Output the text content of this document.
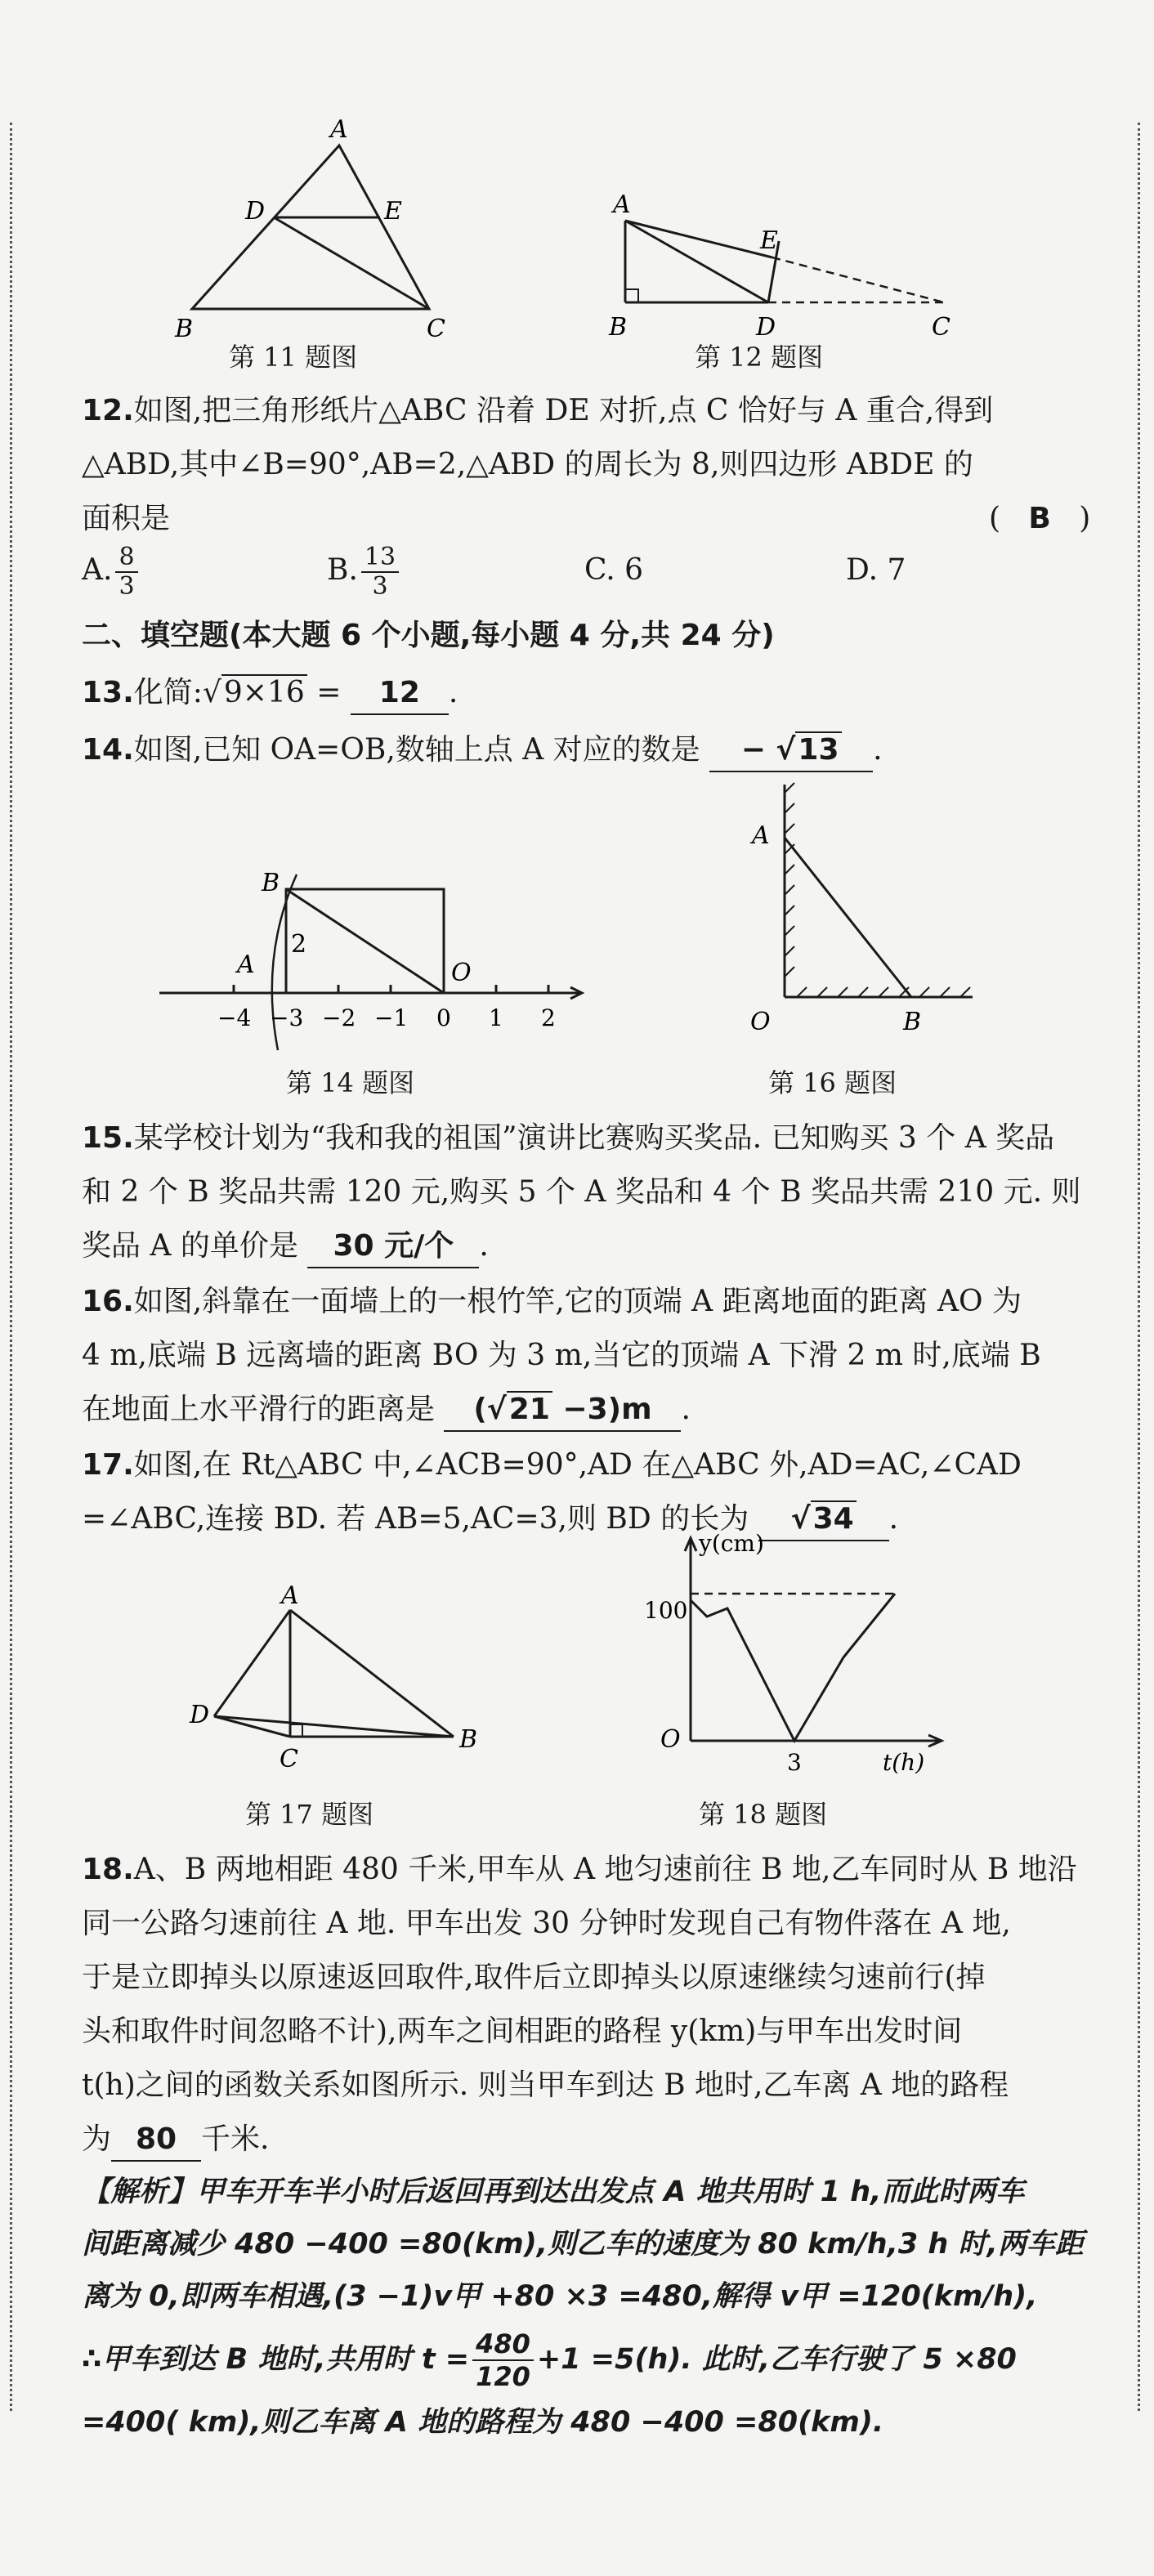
A
D	E
B	C
第 11 题图
A
E
B	D	C
第 12 题图
12.如图,把三角形纸片△ABC 沿着 DE 对折,点 C 恰好与 A 重合,得到
△ABD,其中∠B=90°,AB=2,△ABD 的周长为 8,则四边形 ABDE 的
面积是	( B )
A. $\frac{8}{3}$	B. $\frac{13}{3}$	C. 6	D. 7
二、填空题(本大题 6 个小题,每小题 4 分,共 24 分)
13.化简:√9×16 = 12 .
14.如图,已知 OA=OB,数轴上点 A 对应的数是 − √13 .
B
A	O
2
−4 −3 −2 −1 0 1 2
第 14 题图
A
O	B
第 16 题图
15.某学校计划为“我和我的祖国”演讲比赛购买奖品. 已知购买 3 个 A 奖品
和 2 个 B 奖品共需 120 元,购买 5 个 A 奖品和 4 个 B 奖品共需 210 元. 则
奖品 A 的单价是 30 元/个 .
16.如图,斜靠在一面墙上的一根竹竿,它的顶端 A 距离地面的距离 AO 为
4 m,底端 B 远离墙的距离 BO 为 3 m,当它的顶端 A 下滑 2 m 时,底端 B
在地面上水平滑行的距离是 (√21 −3)m .
17.如图,在 Rt△ABC 中,∠ACB=90°,AD 在△ABC 外,AD=AC,∠CAD
=∠ABC,连接 BD. 若 AB=5,AC=3,则 BD 的长为 √34 .
A
D
C
B
第 17 题图
y(cm)
100
O
3	t(h)
第 18 题图
18.A、B 两地相距 480 千米,甲车从 A 地匀速前往 B 地,乙车同时从 B 地沿
同一公路匀速前往 A 地. 甲车出发 30 分钟时发现自己有物件落在 A 地,
于是立即掉头以原速返回取件,取件后立即掉头以原速继续匀速前行(掉
头和取件时间忽略不计),两车之间相距的路程 y(km)与甲车出发时间
t(h)之间的函数关系如图所示. 则当甲车到达 B 地时,乙车离 A 地的路程
为 80 千米.
【解析】甲车开车半小时后返回再到达出发点 A 地共用时 1 h,而此时两车
间距离减少 480 −400 =80(km),则乙车的速度为 80 km/h,3 h 时,两车距
离为 0,即两车相遇,(3 −1)v甲 +80 ×3 =480,解得 v甲 =120(km/h),
∴甲车到达 B 地时,共用时 $t = \frac{480}{120} +1 =5(h)$. 此时,乙车行驶了 5 ×80
=400( km),则乙车离 A 地的路程为 480 −400 =80(km).
